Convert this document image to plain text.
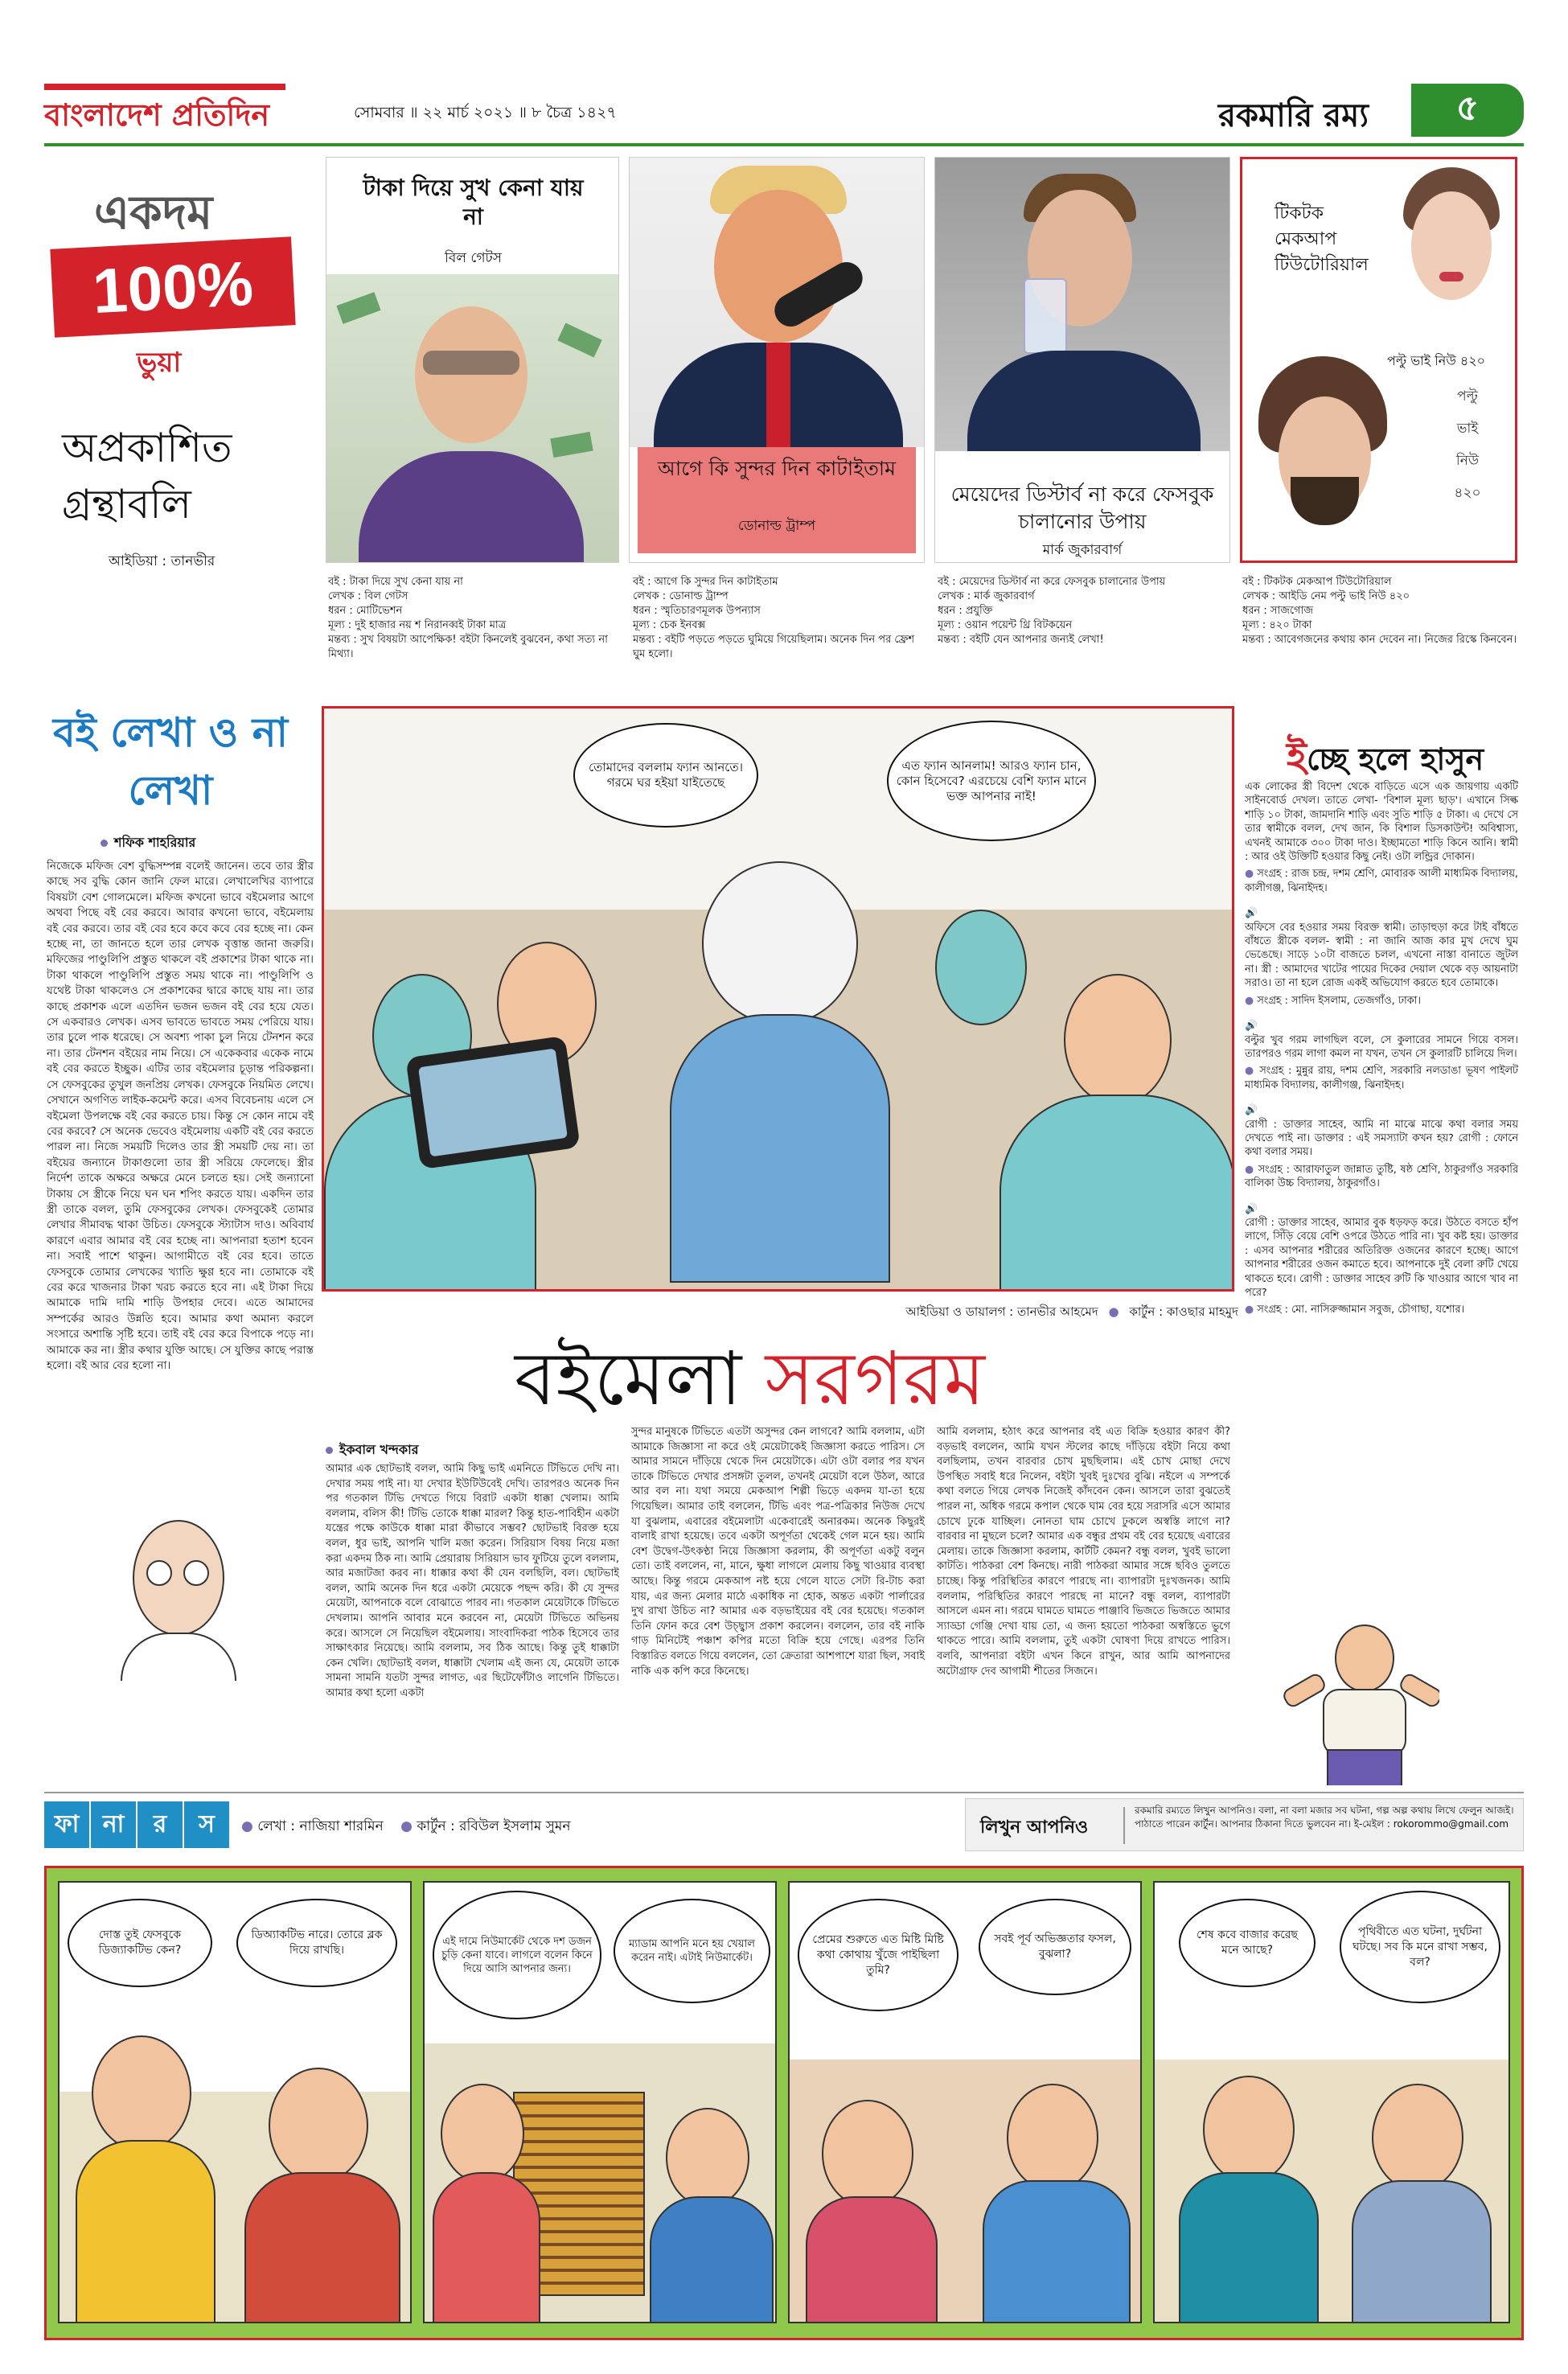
বাংলাদেশ প্রতিদিন	সোমবার ॥ ২২ মার্চ ২০২১ ॥ ৮ চৈত্র ১৪২৭	রকমারি রম্য ৫
একদম
100%
ভুয়া
অপ্রকাশিত
গ্রন্থাবলি
আইডিয়া : তানভীর
টাকা দিয়ে সুখ কেনা যায় না
বিল গেটস
আগে কি সুন্দর দিন কাটাইতাম
ডোনাল্ড ট্রাম্প
মেয়েদের ডিস্টার্ব না করে ফেসবুক চালানোর উপায়
মার্ক জুকারবার্গ
টিকটক মেকআপ টিউটোরিয়াল
পল্টু ভাই নিউ ৪২০
পল্টু
ভাই
নিউ
৪২০
বই : টাকা দিয়ে সুখ কেনা যায় না
লেখক : বিল গেটস
ধরন : মোটিভেশন
মূল্য : দুই হাজার নয় শ নিরানব্বই টাকা মাত্র
মন্তব্য : সুখ বিষয়টা আপেক্ষিক! বইটা কিনলেই বুঝবেন, কথা সত্য না মিথ্যা।
বই : আগে কি সুন্দর দিন কাটাইতাম
লেখক : ডোনাল্ড ট্রাম্প
ধরন : স্মৃতিচারণমূলক উপন্যাস
মূল্য : চেক ইনবক্স
মন্তব্য : বইটি পড়তে পড়তে ঘুমিয়ে গিয়েছিলাম। অনেক দিন পর ফ্রেশ ঘুম হলো।
বই : মেয়েদের ডিস্টার্ব না করে ফেসবুক চালানোর উপায়
লেখক : মার্ক জুকারবার্গ
ধরন : প্রযুক্তি
মূল্য : ওয়ান পয়েন্ট থ্রি বিটকয়েন
মন্তব্য : বইটি যেন আপনার জন্যই লেখা!
বই : টিকটক মেকআপ টিউটোরিয়াল
লেখক : আইডি নেম পল্টু ভাই নিউ ৪২০
ধরন : সাজগোজ
মূল্য : ৪২০ টাকা
মন্তব্য : আবেগজনের কথায় কান দেবেন না। নিজের রিস্কে কিনবেন।
বই লেখা ও না লেখা
শফিক শাহরিয়ার
নিজেকে মফিজ বেশ বুদ্ধিসম্পন্ন বলেই জানেন। তবে তার স্ত্রীর কাছে সব বুদ্ধি কোন জানি ফেল মারে। লেখালেখির ব্যাপারে বিষয়টা বেশ গোলমেলে। মফিজ কখনো ভাবে বইমেলার আগে অথবা পিছে বই বের করবে। আবার কখনো ভাবে, বইমেলায় বই বের করবে। তার বই বের হবে কবে কবে বের হচ্ছে না। কেন হচ্ছে না, তা জানতে হলে তার লেখক বৃত্তান্ত জানা জরুরি। মফিজের পাণ্ডুলিপি প্রস্তুত থাকলে বই প্রকাশের টাকা থাকে না। টাকা থাকলে পাণ্ডুলিপি প্রস্তুত সময় থাকে না। পাণ্ডুলিপি ও যথেষ্ট টাকা থাকলেও সে প্রকাশকের দ্বারে কাছে যায় না। তার কাছে প্রকাশক এলে এতদিন ভজন ভজন বই বের হয়ে যেত। সে একবারও লেখক। এসব ভাবতে ভাবতে সময় পেরিয়ে যায়। তার চুলে পাক ধরেছে। সে অবশ্য পাকা চুল নিয়ে টেনশন করে না। তার টেনশন বইয়ের নাম নিয়ে। সে একেকবার একেক নামে বই বের করতে ইচ্ছুক। এটির তার বইমেলার চূড়ান্ত পরিকল্পনা। সে ফেসবুকের তুখুল জনপ্রিয় লেখক। ফেসবুকে নিয়মিত লেখে। সেখানে অগণিত লাইক-কমেন্ট করে। এসব বিবেচনায় এলে সে বইমেলা উপলক্ষে বই বের করতে চায়। কিন্তু সে কোন নামে বই বের করবে? সে অনেক ভেবেও বইমেলায় একটি বই বের করতে পারল না। নিজে সময়টি দিলেও তার স্ত্রী সময়টি দেয় না। তা বইয়ের জন্যানে টাকাগুলো তার স্ত্রী সরিয়ে ফেলেছে। স্ত্রীর নির্দেশ তাকে অক্ষরে অক্ষরে মেনে চলতে হয়। সেই জন্যানো টাকায় সে স্ত্রীকে নিয়ে ঘন ঘন শপিং করতে যায়। একদিন তার স্ত্রী তাকে বলল, তুমি ফেসবুকের লেখক। ফেসবুকেই তোমার লেখার সীমাবদ্ধ থাকা উচিত। ফেসবুকে স্ট্যাটাস দাও। অবিবার্য কারণে এবার আমার বই বের হচ্ছে না। আপনারা হতাশ হবেন না। সবাই পাশে থাকুন। আগামীতে বই বের হবে। তাতে ফেসবুকে তোমার লেখকের খ্যাতি ক্ষুণ্ণ হবে না। তোমাকে বই বের করে খাজনার টাকা খরচ করতে হবে না। এই টাকা দিয়ে আমাকে দামি দামি শাড়ি উপহার দেবে। এতে আমাদের সম্পর্কের আরও উন্নতি হবে। আমার কথা অমান্য করলে সংসারে অশান্তি সৃষ্টি হবে। তাই বই বের করে বিপাকে পড়ে না। আমাকে কর না। স্ত্রীর কথার যুক্তি আছে। সে যুক্তির কাছে পরাস্ত হলো। বই আর বের হলো না।
তোমাদের বললাম ফ্যান আনতে। গরমে ঘর হইয়া যাইতেছে
এত ফ্যান আনলাম! আরও ফ্যান চান, কোন হিসেবে? এরচেয়ে বেশি ফ্যান মানে ভক্ত আপনার নাই!
আইডিয়া ও ডায়ালগ : তানভীর আহমেদ ● কার্টুন : কাওছার মাহমুদ
বইমেলা সরগরম
ইকবাল খন্দকার
আমার এক ছোটভাই বলল, আমি কিছু ভাই এমনিতে টিভিতে দেখি না। দেখার সময় পাই না। যা দেখার ইউটিউবেই দেখি। তারপরও অনেক দিন পর গতকাল টিভি দেখতে গিয়ে বিরাট একটা ধাক্কা খেলাম। আমি বললাম, বলিস কী! টিভি তোকে ধাক্কা মারল? কিন্তু হাত-পাবিহীন একটা যন্ত্রের পক্ষে কাউকে ধাক্কা মারা কীভাবে সম্ভব? ছোটভাই বিরক্ত হয়ে বলল, ধুর ভাই, আপনি খালি মজা করেন। সিরিয়াস বিষয় নিয়ে মজা করা একদম ঠিক না। আমি প্রেয়ারায় সিরিয়াস ভাব ফুটিয়ে তুলে বললাম, আর মজাটজা করব না। ধাক্কার কথা কী যেন বলছিলি, বল। ছোটভাই বলল, আমি অনেক দিন ধরে একটা মেয়েকে পছন্দ করি। কী যে সুন্দর মেয়েটা, আপনাকে বলে বোঝাতে পারব না। গতকাল মেয়েটাকে টিভিতে দেখলাম। আপনি আবার মনে করবেন না, মেয়েটা টিভিতে অভিনয় করে। আসলে সে নিয়েছিল বইমেলায়। সাংবাদিকরা পাঠক হিসেবে তার সাক্ষাৎকার নিয়েছে। আমি বললাম, সব ঠিক আছে। কিন্তু তুই ধাক্কাটা কেন খেলি। ছোটভাই বলল, ধাক্কাটা খেলাম এই জন্য যে, মেয়েটা তাকে সামনা সামনি যতটা সুন্দর লাগত, এর ছিটেফোঁটাও লাগেনি টিভিতে। আমার কথা হলো একটা
সুন্দর মানুষকে টিভিতে এতটা অসুন্দর কেন লাগবে? আমি বললাম, এটা আমাকে জিজ্ঞাসা না করে ওই মেয়েটাকেই জিজ্ঞাসা করতে পারিস। সে আমার সামনে দাঁড়িয়ে থেকে দিন মেয়েটাকে। এটা ওটা বলার পর যখন তাকে টিভিতে দেখার প্রসঙ্গটা তুলল, তখনই মেয়েটা বলে উঠল, আরে আর বল না। যথা সময়ে মেকআপ শিল্পী ভিড়ে একদম যা-তা হয়ে গিয়েছিল। আমার তাই বললেন, টিভি এবং পত্র-পত্রিকার নিউজ দেখে যা বুঝলাম, এবারের বইমেলাটা একেবারেই অনারকম। অনেক কিছুরই বালাই রাখা হয়েছে। তবে একটা অপূর্ণতা থেকেই গেল মনে হয়। আমি বেশ উদ্বেগ-উৎকণ্ঠা নিয়ে জিজ্ঞাসা করলাম, কী অপূর্ণতা একটু বলুন তো। তাই বললেন, না, মানে, ক্ষুধা লাগলে মেলায় কিছু খাওয়ার ব্যবস্থা আছে। কিন্তু গরমে মেকআপ নষ্ট হয়ে গেলে যাতে সেটা রি-টাচ করা যায়, এর জন্য মেলার মাঠে একাধিক না হোক, অন্তত একটা পার্লারের দুখ রাখা উচিত না? আমার এক বড়ভাইয়ের বই বের হয়েছে। গতকাল তিনি ফোন করে বেশ উচ্ছ্বাস প্রকাশ করলেন। বললেন, তার বই নাকি গাড় মিনিটেই পঞ্চাশ কপির মতো বিক্রি হয়ে গেছে। এরপর তিনি বিস্তারিত বলতে গিয়ে বললেন, তো ক্রেতারা আশপাশে যারা ছিল, সবাই নাকি এক কপি করে কিনেছে।
আমি বললাম, হঠাৎ করে আপনার বই এত বিক্রি হওয়ার কারণ কী? বড়ভাই বললেন, আমি যখন স্টলের কাছে দাঁড়িয়ে বইটা নিয়ে কথা বলছিলাম, তখন বারবার চোখ মুছছিলাম। এই চোখ মোছা দেখে উপস্থিত সবাই ধরে নিলেন, বইটা খুবই দুঃখের বুঝি। নইলে এ সম্পর্কে কথা বলতে গিয়ে লেখক নিজেই কাঁদবেন কেন। আসলে তারা বুঝতেই পারল না, অধিক গরমে কপাল থেকে ঘাম বের হয়ে সরাসরি এসে আমার চোখে ঢুকে যাচ্ছিল। নোনতা ঘাম চোখে ঢুকলে অস্বস্তি লাগে না? বারবার না মুছলে চলে? আমার এক বন্ধুর প্রথম বই বের হয়েছে এবারের মেলায়। তাকে জিজ্ঞাসা করলাম, কার্টটি কেমন? বন্ধু বলল, খুবই ভালো কাটতি। পাঠকরা বেশ কিনছে। নারী পাঠকরা আমার সঙ্গে ছবিও তুলতে চাচ্ছে। কিন্তু পরিস্থিতির কারণে পারছে না। ব্যাপারটা দুঃখজনক। আমি বললাম, পরিস্থিতির কারণে পারছে না মানে? বন্ধু বলল, ব্যাপারটা আসলে এমন না। গরমে ঘামতে ঘামতে পাঞ্জাবি ভিজতে ভিজতে আমার স্যাড্ডা গেঞ্জি দেখা যায় তো, এ জন্য হয়তো পাঠকরা অস্বস্তিতে ভুগে থাকতে পারে। আমি বললাম, তুই একটা ঘোষণা দিয়ে রাখতে পারিস। বলবি, আপনারা বইটা এখন কিনে রাখুন, আর আমি আপনাদের অটোগ্রাফ দেব আগামী শীতের সিজনে।
ইচ্ছে হলে হাসুন
এক লোকের স্ত্রী বিদেশ থেকে বাড়িতে এসে এক জায়গায় একটি সাইনবোর্ড দেখল। তাতে লেখা- 'বিশাল মূল্য ছাড়'। এখানে সিল্ক শাড়ি ১০ টাকা, জামদানি শাড়ি এবং সুতি শাড়ি ৫ টাকা। এ দেখে সে তার স্বামীকে বলল, দেখ জান, কি বিশাল ডিসকাউন্ট! অবিশ্বাস্য, এখনই আমাকে ৩০০ টাকা দাও। ইচ্ছামতো শাড়ি কিনে আনি। স্বামী : আর ওই উক্তিটি হওয়ার কিছু নেই। ওটা লন্ড্রির দোকান।
● সংগ্রহ : রাজ চন্দ্র, দশম শ্রেণি, মোবারক আলী মাধ্যমিক বিদ্যালয়, কালীগঞ্জ, ঝিনাইদহ।
🔊
অফিসে বের হওয়ার সময় বিরক্ত স্বামী। তাড়াহুড়া করে টাই বাঁধতে বাঁধতে স্ত্রীকে বলল- স্বামী : না জানি আজ কার মুখ দেখে ঘুম ভেঙেছে। সাড়ে ১০টা বাজতে চলল, এখনো নাস্তা বানাতে জুটল না। স্ত্রী : আমাদের খাটের পায়ের দিকের দেয়াল থেকে বড় আয়নাটা সরাও। তা না হলে রোজ একই অভিযোগ করতে হবে তোমাকে।
● সংগ্রহ : সাদিদ ইসলাম, তেজগাঁও, ঢাকা।
🔊
বল্টুর খুব গরম লাগছিল বলে, সে কুলারের সামনে গিয়ে বসল। তারপরও গরম লাগা কমল না যখন, তখন সে কুলারটি চালিয়ে দিল।
● সংগ্রহ : মুন্নুর রায়, দশম শ্রেণি, সরকারি নলডাঙা ভূষণ পাইলট মাধ্যমিক বিদ্যালয়, কালীগঞ্জ, ঝিনাইদহ।
🔊
রোগী : ডাক্তার সাহেব, আমি না মাঝে মাঝে কথা বলার সময় দেখতে পাই না। ডাক্তার : এই সমস্যাটা কখন হয়? রোগী : ফোনে কথা বলার সময়।
● সংগ্রহ : আরাফাতুল জান্নাত তুষ্টি, ষষ্ঠ শ্রেণি, ঠাকুরগাঁও সরকারি বালিকা উচ্চ বিদ্যালয়, ঠাকুরগাঁও।
🔊
রোগী : ডাক্তার সাহেব, আমার বুক ধড়ফড় করে। উঠতে বসতে হাঁপ লাগে, সিঁড়ি বেয়ে বেশি ওপরে উঠতে পারি না। খুব কষ্ট হয়। ডাক্তার : এসব আপনার শরীরের অতিরিক্ত ওজনের কারণে হচ্ছে। আগে আপনার শরীরের ওজন কমাতে হবে। আপনাকে দুই বেলা রুটি খেয়ে থাকতে হবে। রোগী : ডাক্তার সাহেব রুটি কি খাওয়ার আগে খাব না পরে?
● সংগ্রহ : মো. নাসিরুজ্জামান সবুজ, চৌগাছা, যশোর।
ফা না	র	স	● লেখা : নাজিয়া শারমিন ● কার্টুন : রবিউল ইসলাম সুমন	লিখুন আপনিও
রকমারি রম্যতে লিখুন আপনিও। বলা, না বলা মজার সব ঘটনা, গল্প অল্প কথায় লিখে ফেলুন আজই। পাঠাতে পারেন কার্টুন। আপনার ঠিকানা দিতে ভুলবেন না। ই-মেইল : rokorommo@gmail.com
দোস্ত তুই ফেসবুকে ডিজ্যাকটিভ কেন?
ডিঅ্যাকটিভ নারে। তোরে ব্লক দিয়ে রাখছি।
এই দামে নিউমার্কেট থেকে দশ ডজন চুড়ি কেনা যাবে। লাগলে বলেন কিনে দিয়ে আসি আপনার জন্য।
ম্যাডাম আপনি মনে হয় খেয়াল করেন নাই। এটাই নিউমার্কেট।
প্রেমের শুরুতে এত মিষ্টি মিষ্টি কথা কোথায় খুঁজে পাইছিলা তুমি?
সবই পূর্ব অভিজ্ঞতার ফসল, বুঝলা?
শেষ কবে বাজার করেছ মনে আছে?
পৃথিবীতে এত ঘটনা, দুর্ঘটনা ঘটছে। সব কি মনে রাখা সম্ভব, বল?
